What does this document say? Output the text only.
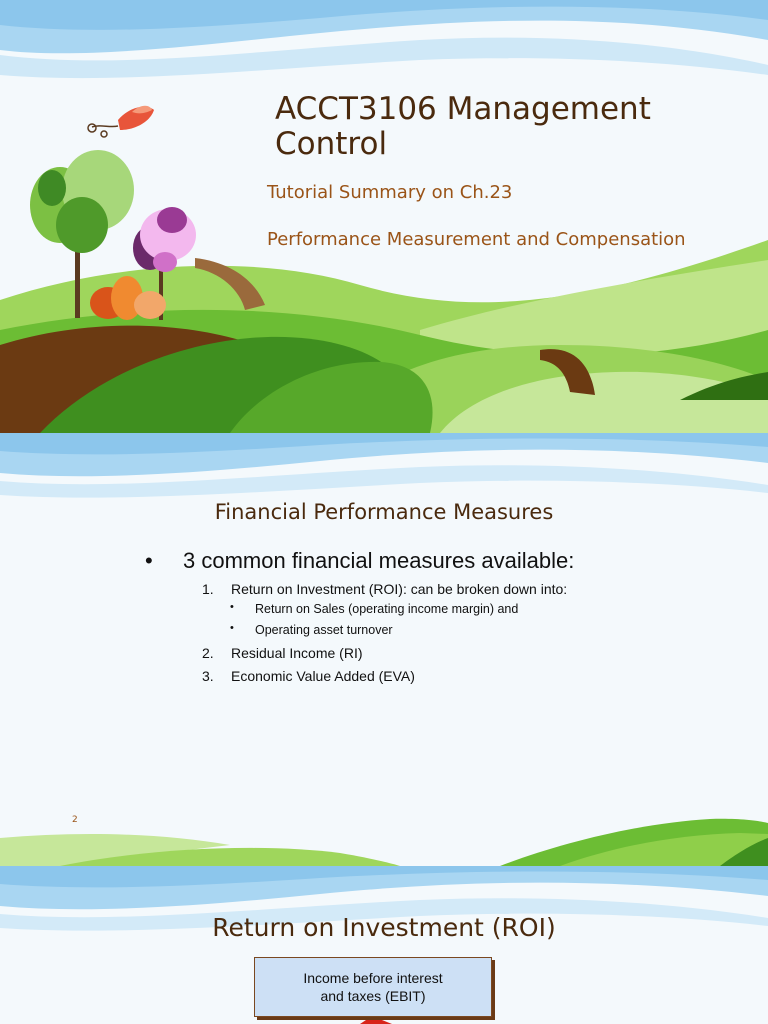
ACCT3106 Management Control
Tutorial Summary on Ch.23
Performance Measurement and Compensation
Financial Performance Measures
• 3 common financial measures available:
1. Return on Investment (ROI): can be broken down into:
• Return on Sales (operating income margin) and
• Operating asset turnover
2. Residual Income (RI)
3. Economic Value Added (EVA)
2
Return on Investment (ROI)
Income before interest and taxes (EBIT)
